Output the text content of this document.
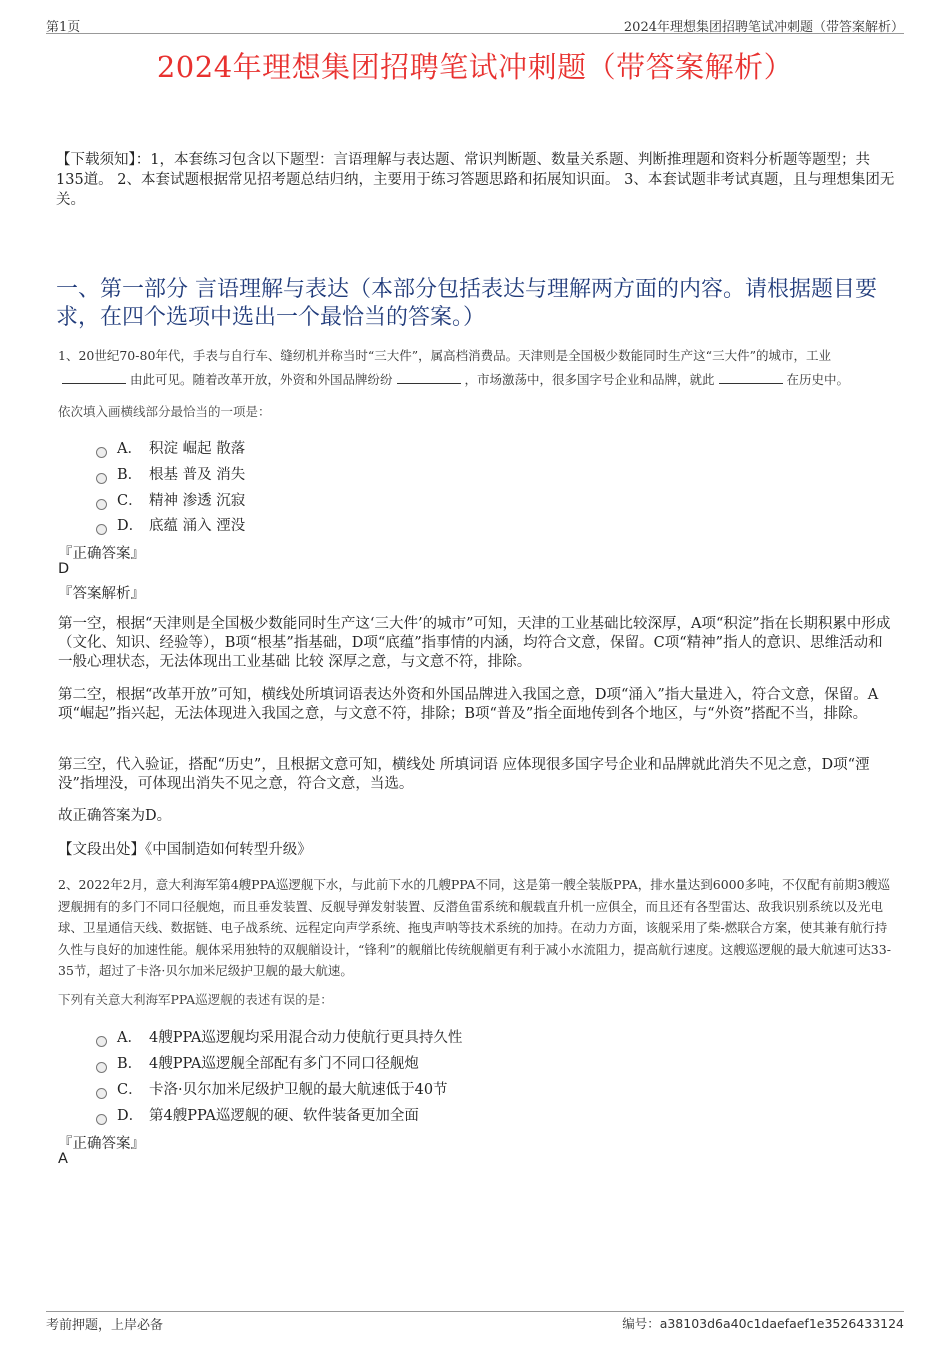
第1页	2024年理想集团招聘笔试冲刺题（带答案解析）
2024年理想集团招聘笔试冲刺题（带答案解析）
【下载须知】：1，本套练习包含以下题型：言语理解与表达题、常识判断题、数量关系题、判断推理题和资料分析题等题型；共135道。 2、本套试题根据常见招考题总结归纳，主要用于练习答题思路和拓展知识面。 3、本套试题非考试真题，且与理想集团无关。
一、第一部分 言语理解与表达（本部分包括表达与理解两方面的内容。请根据题目要求，在四个选项中选出一个最恰当的答案。）
1、20世纪70-80年代，手表与自行车、缝纫机并称当时“三大件”，属高档消费品。天津则是全国极少数能同时生产这“三大件”的城市，工业
由此可见。随着改革开放，外资和外国品牌纷纷	，市场激荡中，很多国字号企业和品牌，就此	在历史中。
依次填入画横线部分最恰当的一项是：
A． 积淀 崛起 散落
B． 根基 普及 消失
C． 精神 渗透 沉寂
D． 底蕴 涌入 湮没
『正确答案』
D
『答案解析』
第一空，根据“天津则是全国极少数能同时生产这‘三大件’的城市”可知，天津的工业基础比较深厚，A项“积淀”指在长期积累中形成（文化、知识、经验等），B项“根基”指基础，D项“底蕴”指事情的内涵，均符合文意，保留。C项“精神”指人的意识、思维活动和一般心理状态，无法体现出工业基础 比较 深厚之意，与文意不符，排除。
第二空，根据“改革开放”可知，横线处所填词语表达外资和外国品牌进入我国之意，D项“涌入”指大量进入，符合文意，保留。A项“崛起”指兴起，无法体现进入我国之意，与文意不符，排除；B项“普及”指全面地传到各个地区，与“外资”搭配不当，排除。
第三空，代入验证，搭配“历史”，且根据文意可知，横线处 所填词语 应体现很多国字号企业和品牌就此消失不见之意，D项“湮没”指埋没，可体现出消失不见之意，符合文意，当选。
故正确答案为D。
【文段出处】《中国制造如何转型升级》
2、2022年2月，意大利海军第4艘PPA巡逻舰下水，与此前下水的几艘PPA不同，这是第一艘全装版PPA，排水量达到6000多吨，不仅配有前期3艘巡逻舰拥有的多门不同口径舰炮，而且垂发装置、反舰导弹发射装置、反潜鱼雷系统和舰载直升机一应俱全，而且还有各型雷达、敌我识别系统以及光电球、卫星通信天线、数据链、电子战系统、远程定向声学系统、拖曳声呐等技术系统的加持。在动力方面，该舰采用了柴-燃联合方案，使其兼有航行持久性与良好的加速性能。舰体采用独特的双舰艏设计，“锋利”的舰艏比传统舰艏更有利于减小水流阻力，提高航行速度。这艘巡逻舰的最大航速可达33-35节，超过了卡洛·贝尔加米尼级护卫舰的最大航速。
下列有关意大利海军PPA巡逻舰的表述有误的是：
A． 4艘PPA巡逻舰均采用混合动力使航行更具持久性
B． 4艘PPA巡逻舰全部配有多门不同口径舰炮
C． 卡洛·贝尔加米尼级护卫舰的最大航速低于40节
D． 第4艘PPA巡逻舰的硬、软件装备更加全面
『正确答案』
A
考前押题，上岸必备	编号：a38103d6a40c1daefaef1e3526433124
